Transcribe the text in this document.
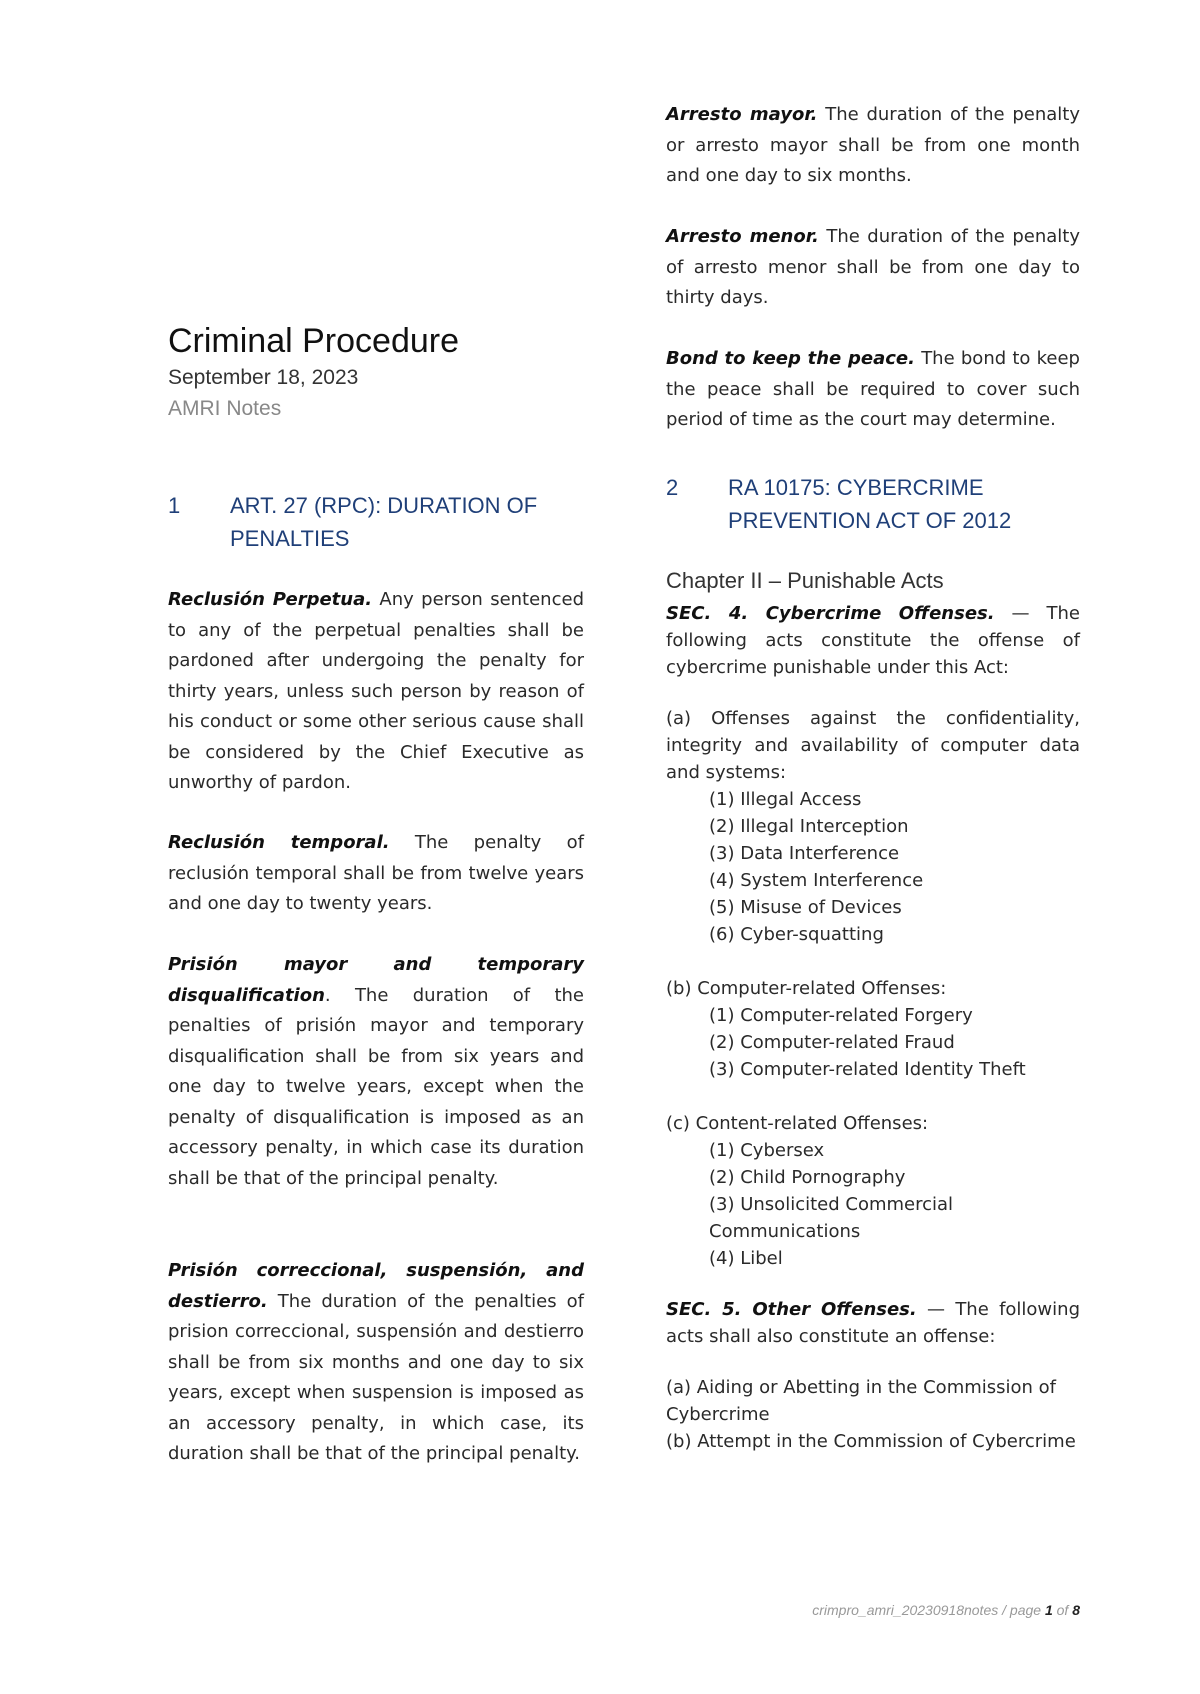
Criminal Procedure
September 18, 2023
AMRI Notes
1	ART. 27 (RPC): DURATION OF PENALTIES
Reclusión Perpetua. Any person sentenced to any of the perpetual penalties shall be pardoned after undergoing the penalty for thirty years, unless such person by reason of his conduct or some other serious cause shall be considered by the Chief Executive as unworthy of pardon.
Reclusión temporal. The penalty of reclusión temporal shall be from twelve years and one day to twenty years.
Prisión mayor and temporary disqualification. The duration of the penalties of prisión mayor and temporary disqualification shall be from six years and one day to twelve years, except when the penalty of disqualification is imposed as an accessory penalty, in which case its duration shall be that of the principal penalty.
Prisión correccional, suspensión, and destierro. The duration of the penalties of prision correccional, suspensión and destierro shall be from six months and one day to six years, except when suspension is imposed as an accessory penalty, in which case, its duration shall be that of the principal penalty.
Arresto mayor. The duration of the penalty or arresto mayor shall be from one month and one day to six months.
Arresto menor. The duration of the penalty of arresto menor shall be from one day to thirty days.
Bond to keep the peace. The bond to keep the peace shall be required to cover such period of time as the court may determine.
2	RA 10175: CYBERCRIME PREVENTION ACT OF 2012
Chapter II – Punishable Acts
SEC. 4. Cybercrime Offenses. — The following acts constitute the offense of cybercrime punishable under this Act:
(a) Offenses against the confidentiality, integrity and availability of computer data and systems:
(1) Illegal Access
(2) Illegal Interception
(3) Data Interference
(4) System Interference
(5) Misuse of Devices
(6) Cyber-squatting
(b) Computer-related Offenses:
(1) Computer-related Forgery
(2) Computer-related Fraud
(3) Computer-related Identity Theft
(c) Content-related Offenses:
(1) Cybersex
(2) Child Pornography
(3) Unsolicited Commercial Communications
(4) Libel
SEC. 5. Other Offenses. — The following acts shall also constitute an offense:
(a) Aiding or Abetting in the Commission of Cybercrime
(b) Attempt in the Commission of Cybercrime
crimpro_amri_20230918notes / page 1 of 8
